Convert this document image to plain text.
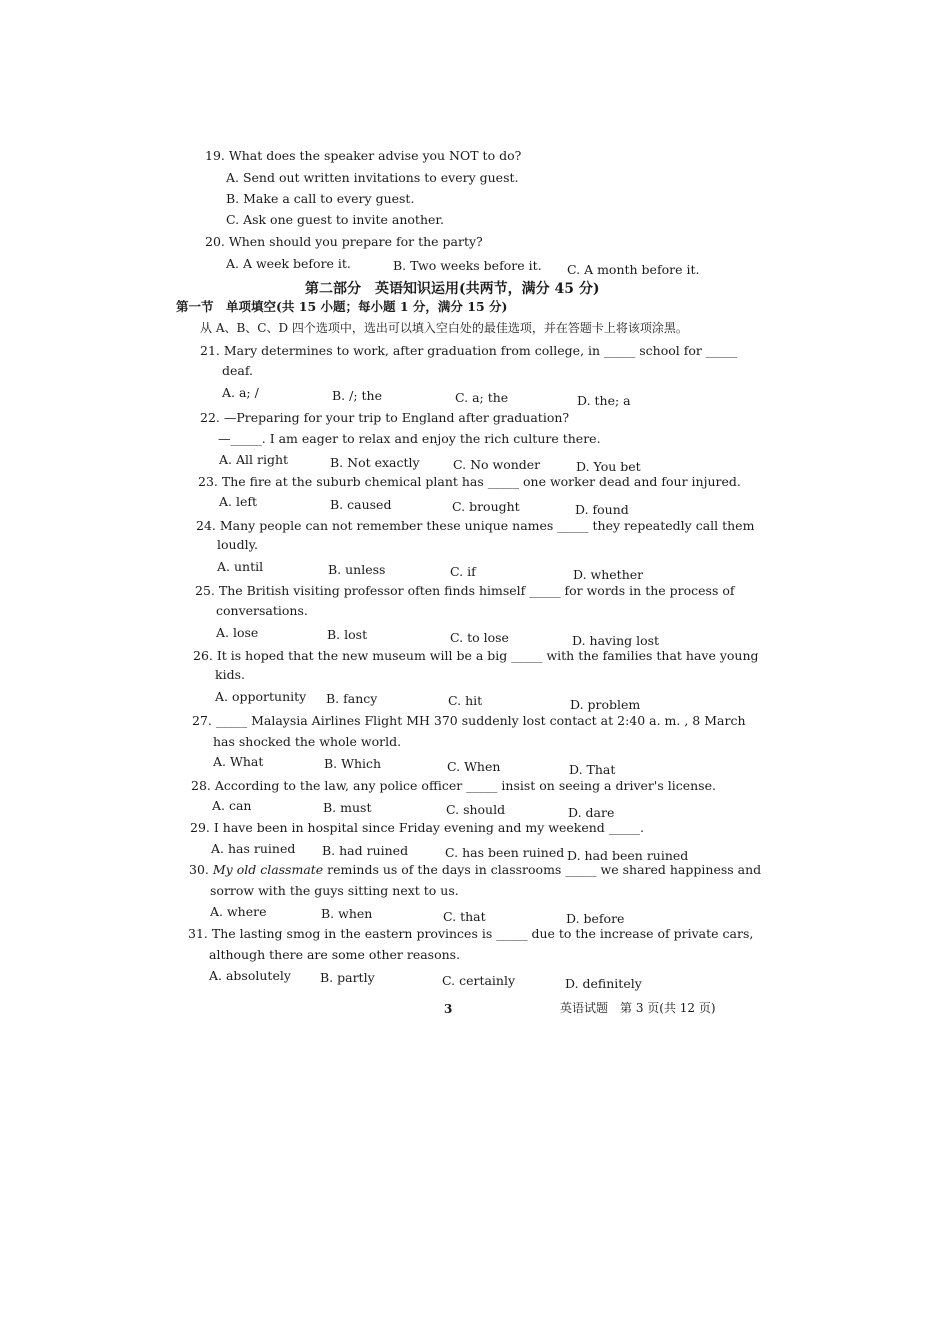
19. What does the speaker advise you NOT to do?
A. Send out written invitations to every guest.
B. Make a call to every guest.
C. Ask one guest to invite another.
20. When should you prepare for the party?
A. A week before it.	B. Two weeks before it. C. A month before it.
第二部分　英语知识运用(共两节，满分 45 分)
第一节　单项填空(共 15 小题；每小题 1 分，满分 15 分)
从 A、B、C、D 四个选项中，选出可以填入空白处的最佳选项，并在答题卡上将该项涂黑。
21. Mary determines to work, after graduation from college, in _____ school for _____
deaf.
A. a; /	B. /; the	C. a; the	D. the; a
22. —Preparing for your trip to England after graduation?
—_____. I am eager to relax and enjoy the rich culture there.
A. All right	B. Not exactly	C. No wonder	D. You bet
23. The fire at the suburb chemical plant has _____ one worker dead and four injured.
A. left	B. caused	C. brought	D. found
24. Many people can not remember these unique names _____ they repeatedly call them
loudly.
A. until	B. unless	C. if	D. whether
25. The British visiting professor often finds himself _____ for words in the process of
conversations.
A. lose	B. lost	C. to lose	D. having lost
26. It is hoped that the new museum will be a big _____ with the families that have young
kids.
A. opportunity B. fancy	C. hit	D. problem
27. _____ Malaysia Airlines Flight MH 370 suddenly lost contact at 2:40 a. m. , 8 March
has shocked the whole world.
A. What	B. Which	C. When	D. That
28. According to the law, any police officer _____ insist on seeing a driver's license.
A. can	B. must	C. should	D. dare
29. I have been in hospital since Friday evening and my weekend _____.
A. has ruined B. had ruined	C. has been ruined D. had been ruined
30. My old classmate reminds us of the days in classrooms _____ we shared happiness and
sorrow with the guys sitting next to us.
A. where	B. when	C. that	D. before
31. The lasting smog in the eastern provinces is _____ due to the increase of private cars,
although there are some other reasons.
A. absolutely B. partly	C. certainly	D. definitely
3	英语试题　第 3 页(共 12 页)
